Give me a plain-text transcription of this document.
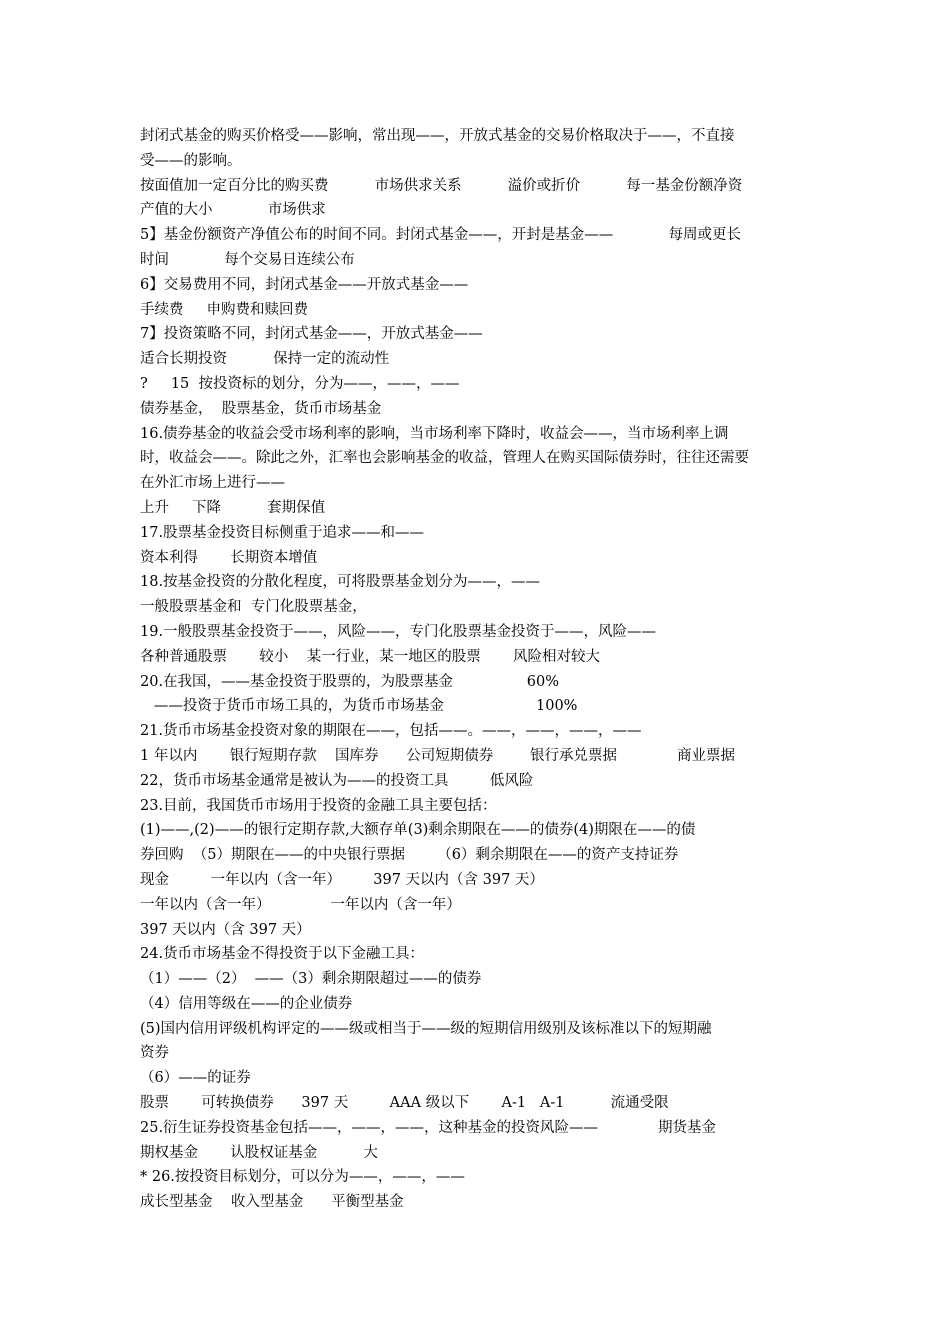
封闭式基金的购买价格受——影响，常出现——，开放式基金的交易价格取决于——，不直接
受——的影响。
按面值加一定百分比的购买费          市场供求关系          溢价或折价          每一基金份额净资
产值的大小            市场供求
5】基金份额资产净值公布的时间不同。封闭式基金——，开封是基金——            每周或更长
时间            每个交易日连续公布
6】交易费用不同，封闭式基金——开放式基金——
手续费     申购费和赎回费
7】投资策略不同，封闭式基金——，开放式基金——
适合长期投资          保持一定的流动性
?     15  按投资标的划分，分为——，——，——
债券基金，  股票基金，货币市场基金
16.债券基金的收益会受市场利率的影响，当市场利率下降时，收益会——，当市场利率上调
时，收益会——。除此之外，汇率也会影响基金的收益，管理人在购买国际债券时，往往还需要
在外汇市场上进行——
上升     下降          套期保值
17.股票基金投资目标侧重于追求——和——
资本利得       长期资本增值
18.按基金投资的分散化程度，可将股票基金划分为——，——
一般股票基金和  专门化股票基金，
19.一般股票基金投资于——，风险——，专门化股票基金投资于——，风险——
各种普通股票       较小    某一行业，某一地区的股票       风险相对较大
20.在我国，——基金投资于股票的，为股票基金                60%
——投资于货币市场工具的，为货币市场基金                    100%
21.货币市场基金投资对象的期限在——，包括——。——，——，——，——
1 年以内       银行短期存款    国库券      公司短期债券        银行承兑票据             商业票据
22，货币市场基金通常是被认为——的投资工具         低风险
23.目前，我国货币市场用于投资的金融工具主要包括：
(1)——,(2)——的银行定期存款,大额存单(3)剩余期限在——的债券(4)期限在——的债
券回购  （5）期限在——的中央银行票据       （6）剩余期限在——的资产支持证券
现金         一年以内（含一年）       397 天以内（含 397 天）
一年以内（含一年）             一年以内（含一年）
397 天以内（含 397 天）
24.货币市场基金不得投资于以下金融工具：
（1）——（2）  ——（3）剩余期限超过——的债券
（4）信用等级在——的企业债券
(5)国内信用评级机构评定的——级或相当于——级的短期信用级别及该标准以下的短期融
资券
（6）——的证券
股票       可转换债券      397 天         AAA 级以下       A-1   A-1          流通受限
25.衍生证券投资基金包括——，——，——，这种基金的投资风险——             期货基金
期权基金       认股权证基金          大
* 26.按投资目标划分，可以分为——，——，——
成长型基金    收入型基金      平衡型基金
